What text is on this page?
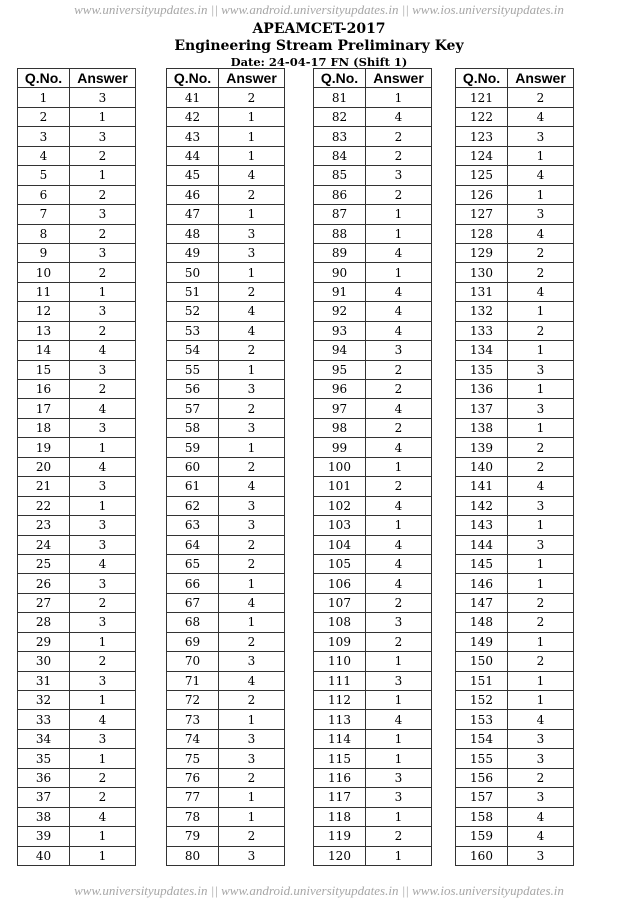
www.universityupdates.in || www.android.universityupdates.in || www.ios.universityupdates.in
APEAMCET-2017
Engineering Stream Preliminary Key
Date: 24-04-17 FN (Shift 1)
Q.No.	Answer
1	3
2	1
3	3
4	2
5	1
6	2
7	3
8	2
9	3
10	2
11	1
12	3
13	2
14	4
15	3
16	2
17	4
18	3
19	1
20	4
21	3
22	1
23	3
24	3
25	4
26	3
27	2
28	3
29	1
30	2
31	3
32	1
33	4
34	3
35	1
36	2
37	2
38	4
39	1
40	1
Q.No.	Answer
41	2
42	1
43	1
44	1
45	4
46	2
47	1
48	3
49	3
50	1
51	2
52	4
53	4
54	2
55	1
56	3
57	2
58	3
59	1
60	2
61	4
62	3
63	3
64	2
65	2
66	1
67	4
68	1
69	2
70	3
71	4
72	2
73	1
74	3
75	3
76	2
77	1
78	1
79	2
80	3
Q.No.	Answer
81	1
82	4
83	2
84	2
85	3
86	2
87	1
88	1
89	4
90	1
91	4
92	4
93	4
94	3
95	2
96	2
97	4
98	2
99	4
100	1
101	2
102	4
103	1
104	4
105	4
106	4
107	2
108	3
109	2
110	1
111	3
112	1
113	4
114	1
115	1
116	3
117	3
118	1
119	2
120	1
Q.No.	Answer
121	2
122	4
123	3
124	1
125	4
126	1
127	3
128	4
129	2
130	2
131	4
132	1
133	2
134	1
135	3
136	1
137	3
138	1
139	2
140	2
141	4
142	3
143	1
144	3
145	1
146	1
147	2
148	2
149	1
150	2
151	1
152	1
153	4
154	3
155	3
156	2
157	3
158	4
159	4
160	3
www.universityupdates.in || www.android.universityupdates.in || www.ios.universityupdates.in
